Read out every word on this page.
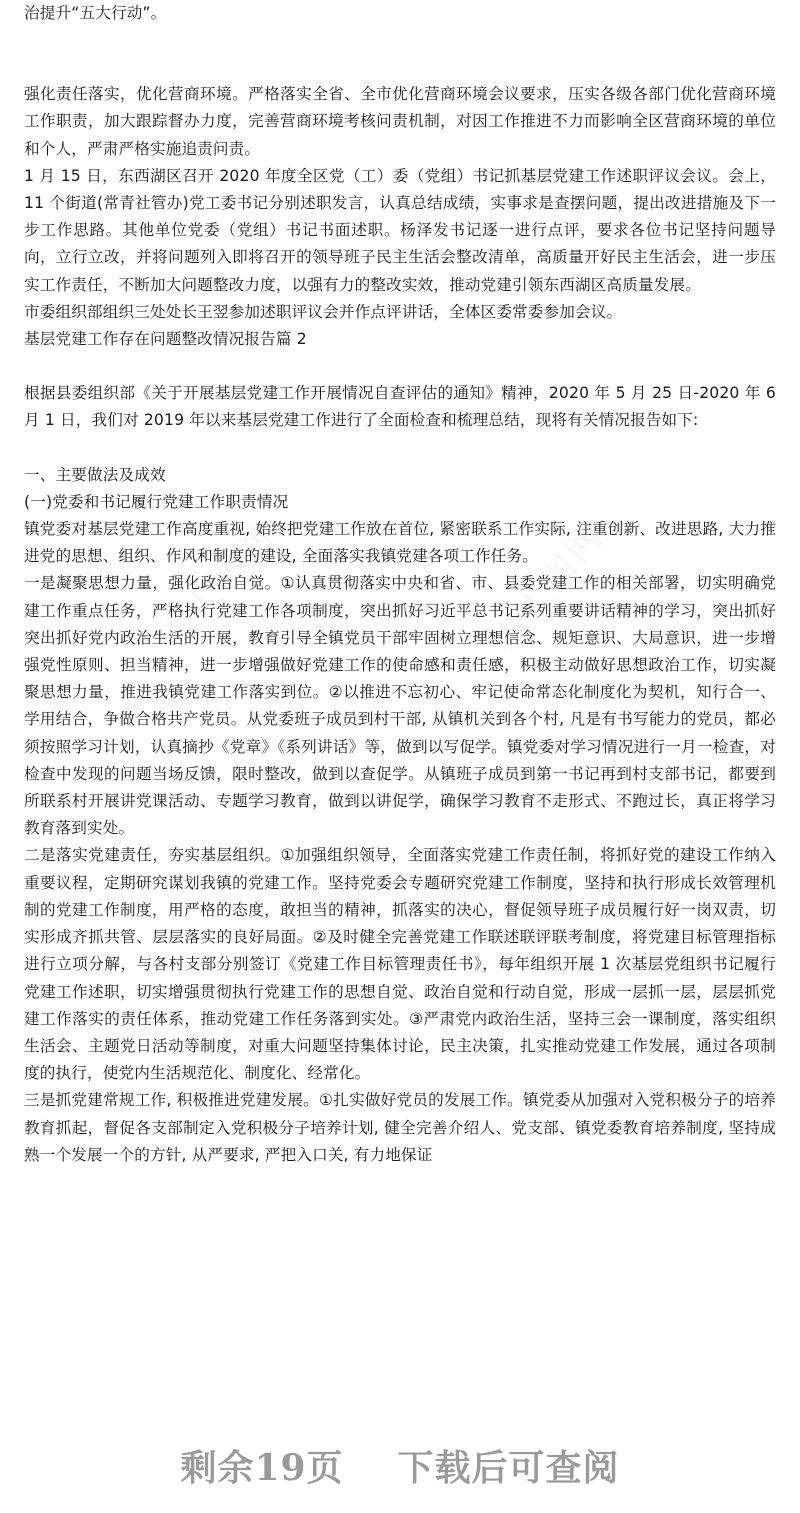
人人图网	人人图网

治提升“五大行动”。

强化责任落实，优化营商环境。严格落实全省、全市优化营商环境会议要求，压实各级各部门优化营商环境工作职责，加大跟踪督办力度，完善营商环境考核问责机制，对因工作推进不力而影响全区营商环境的单位和个人，严肃严格实施追责问责。

1 月 15 日，东西湖区召开 2020 年度全区党（工）委（党组）书记抓基层党建工作述职评议会议。会上，11 个街道(常青社管办)党工委书记分别述职发言，认真总结成绩，实事求是查摆问题，提出改进措施及下一步工作思路。其他单位党委（党组）书记书面述职。杨泽发书记逐一进行点评，要求各位书记坚持问题导向，立行立改，并将问题列入即将召开的领导班子民主生活会整改清单，高质量开好民主生活会，进一步压实工作责任，不断加大问题整改力度，以强有力的整改实效，推动党建引领东西湖区高质量发展。

市委组织部组织三处处长王翌参加述职评议会并作点评讲话，全体区委常委参加会议。

基层党建工作存在问题整改情况报告篇 2

根据县委组织部《关于开展基层党建工作开展情况自查评估的通知》精神，2020 年 5 月 25 日-2020 年 6 月 1 日，我们对 2019 年以来基层党建工作进行了全面检查和梳理总结，现将有关情况报告如下:

一、主要做法及成效

(一)党委和书记履行党建工作职责情况

镇党委对基层党建工作高度重视, 始终把党建工作放在首位, 紧密联系工作实际, 注重创新、改进思路, 大力推进党的思想、组织、作风和制度的建设, 全面落实我镇党建各项工作任务。

一是凝聚思想力量，强化政治自觉。①认真贯彻落实中央和省、市、县委党建工作的相关部署，切实明确党建工作重点任务，严格执行党建工作各项制度，突出抓好习近平总书记系列重要讲话精神的学习，突出抓好突出抓好党内政治生活的开展，教育引导全镇党员干部牢固树立理想信念、规矩意识、大局意识，进一步增强党性原则、担当精神，进一步增强做好党建工作的使命感和责任感，积极主动做好思想政治工作，切实凝聚思想力量，推进我镇党建工作落实到位。②以推进不忘初心、牢记使命常态化制度化为契机，知行合一、学用结合，争做合格共产党员。从党委班子成员到村干部, 从镇机关到各个村, 凡是有书写能力的党员，都必须按照学习计划，认真摘抄《党章》《系列讲话》等，做到以写促学。镇党委对学习情况进行一月一检查，对检查中发现的问题当场反馈，限时整改，做到以查促学。从镇班子成员到第一书记再到村支部书记，都要到所联系村开展讲党课活动、专题学习教育，做到以讲促学，确保学习教育不走形式、不跑过长，真正将学习教育落到实处。

二是落实党建责任，夯实基层组织。①加强组织领导，全面落实党建工作责任制，将抓好党的建设工作纳入重要议程，定期研究谋划我镇的党建工作。坚持党委会专题研究党建工作制度，坚持和执行形成长效管理机制的党建工作制度，用严格的态度，敢担当的精神，抓落实的决心，督促领导班子成员履行好一岗双责，切实形成齐抓共管、层层落实的良好局面。②及时健全完善党建工作联述联评联考制度，将党建目标管理指标进行立项分解，与各村支部分别签订《党建工作目标管理责任书》，每年组织开展 1 次基层党组织书记履行党建工作述职，切实增强贯彻执行党建工作的思想自觉、政治自觉和行动自觉，形成一层抓一层，层层抓党建工作落实的责任体系，推动党建工作任务落到实处。③严肃党内政治生活，坚持三会一课制度，落实组织生活会、主题党日活动等制度，对重大问题坚持集体讨论，民主决策，扎实推动党建工作发展，通过各项制度的执行，使党内生活规范化、制度化、经常化。

三是抓党建常规工作, 积极推进党建发展。①扎实做好党员的发展工作。镇党委从加强对入党积极分子的培养教育抓起，督促各支部制定入党积极分子培养计划, 健全完善介绍人、党支部、镇党委教育培养制度, 坚持成熟一个发展一个的方针, 从严要求, 严把入口关, 有力地保证

剩余19页 下载后可查阅
